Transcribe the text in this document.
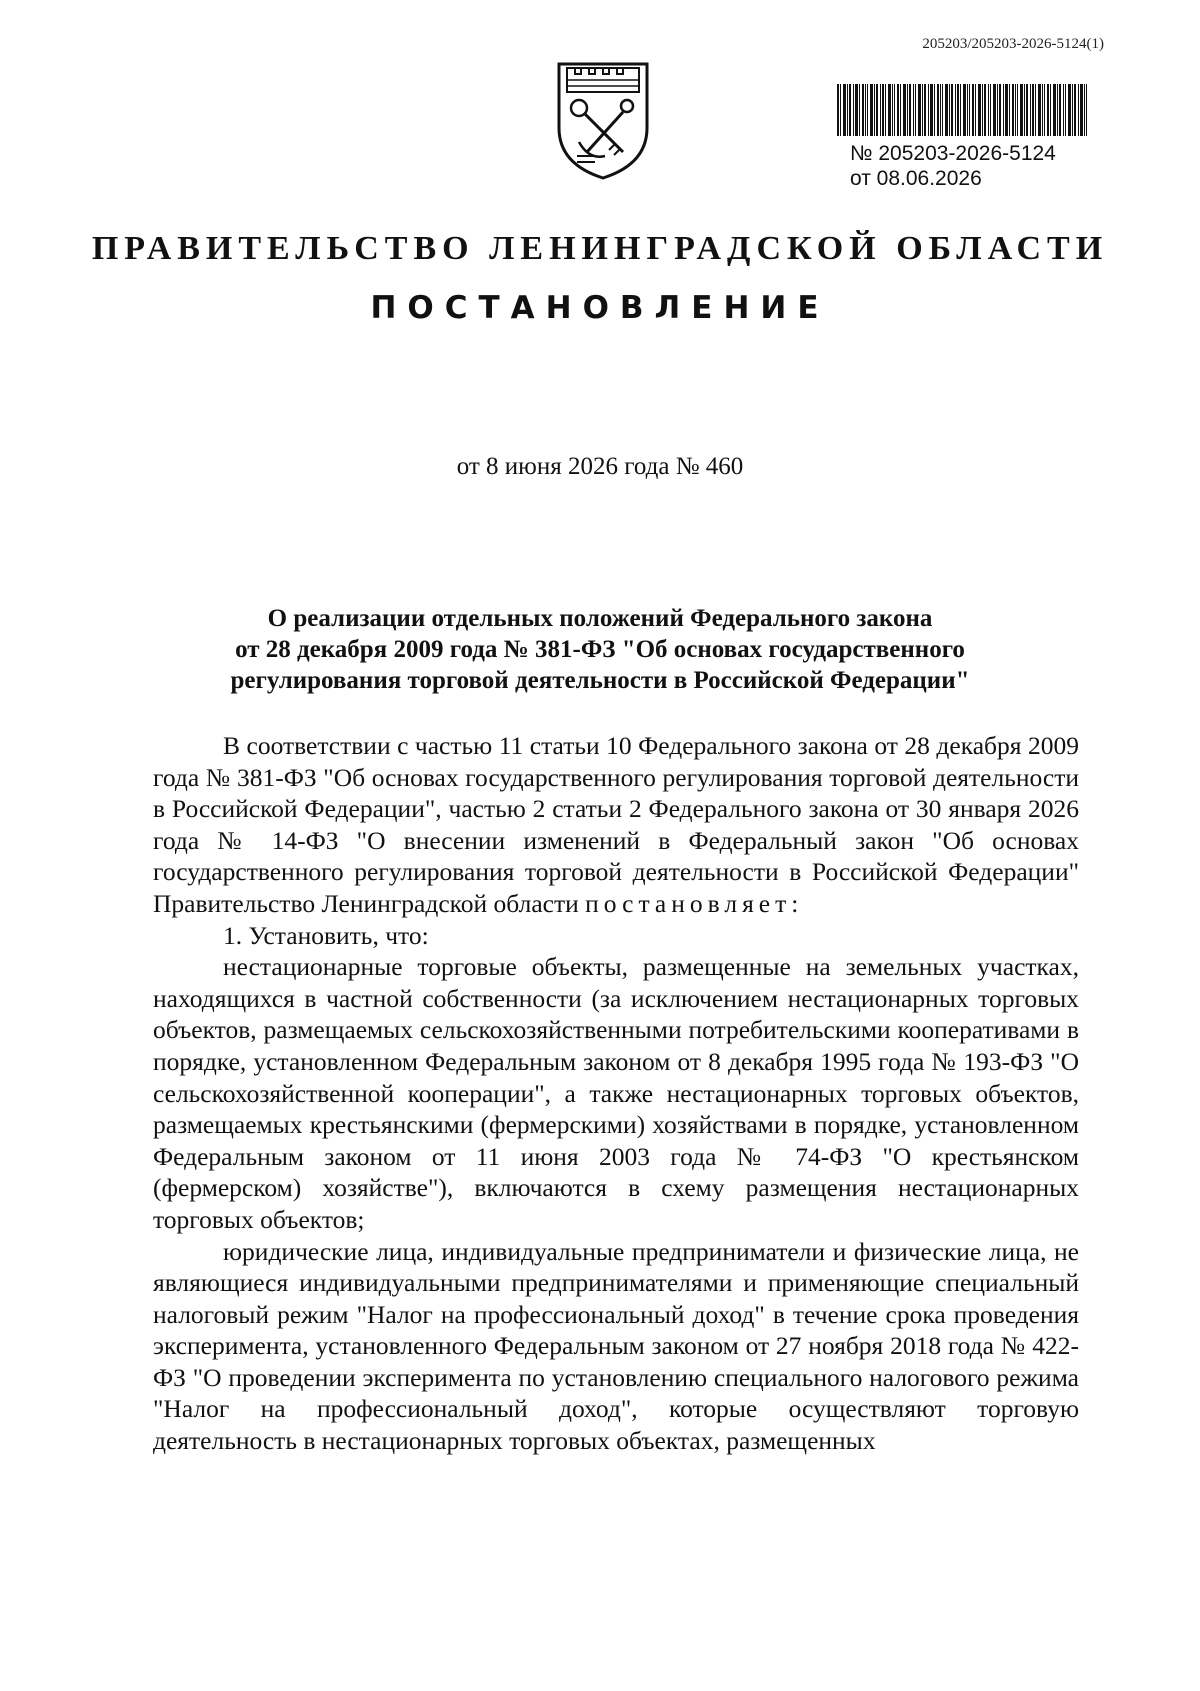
205203/205203-2026-5124(1)
№ 205203-2026-5124
от 08.06.2026
ПРАВИТЕЛЬСТВО ЛЕНИНГРАДСКОЙ ОБЛАСТИ
ПОСТАНОВЛЕНИЕ
от 8 июня 2026 года № 460
О реализации отдельных положений Федерального закона
от 28 декабря 2009 года № 381-ФЗ "Об основах государственного
регулирования торговой деятельности в Российской Федерации"

В соответствии с частью 11 статьи 10 Федерального закона от 28 декабря 2009 года № 381-ФЗ "Об основах государственного регулирования торговой деятельности в Российской Федерации", частью 2 статьи 2 Федерального закона от 30 января 2026 года № 14-ФЗ "О внесении изменений в Федеральный закон "Об основах государственного регулирования торговой деятельности в Российской Федерации" Правительство Ленинградской области постановляет:

1. Установить, что:

нестационарные торговые объекты, размещенные на земельных участках, находящихся в частной собственности (за исключением нестационарных торговых объектов, размещаемых сельскохозяйственными потребительскими кооперативами в порядке, установленном Федеральным законом от 8 декабря 1995 года № 193-ФЗ "О сельскохозяйственной кооперации", а также нестационарных торговых объектов, размещаемых крестьянскими (фермерскими) хозяйствами в порядке, установленном Федеральным законом от 11 июня 2003 года № 74-ФЗ "О крестьянском (фермерском) хозяйстве"), включаются в схему размещения нестационарных торговых объектов;

юридические лица, индивидуальные предприниматели и физические лица, не являющиеся индивидуальными предпринимателями и применяющие специальный налоговый режим "Налог на профессиональный доход" в течение срока проведения эксперимента, установленного Федеральным законом от 27 ноября 2018 года № 422-ФЗ "О проведении эксперимента по установлению специального налогового режима "Налог на профессиональный доход", которые осуществляют торговую деятельность в нестационарных торговых объектах, размещенных
